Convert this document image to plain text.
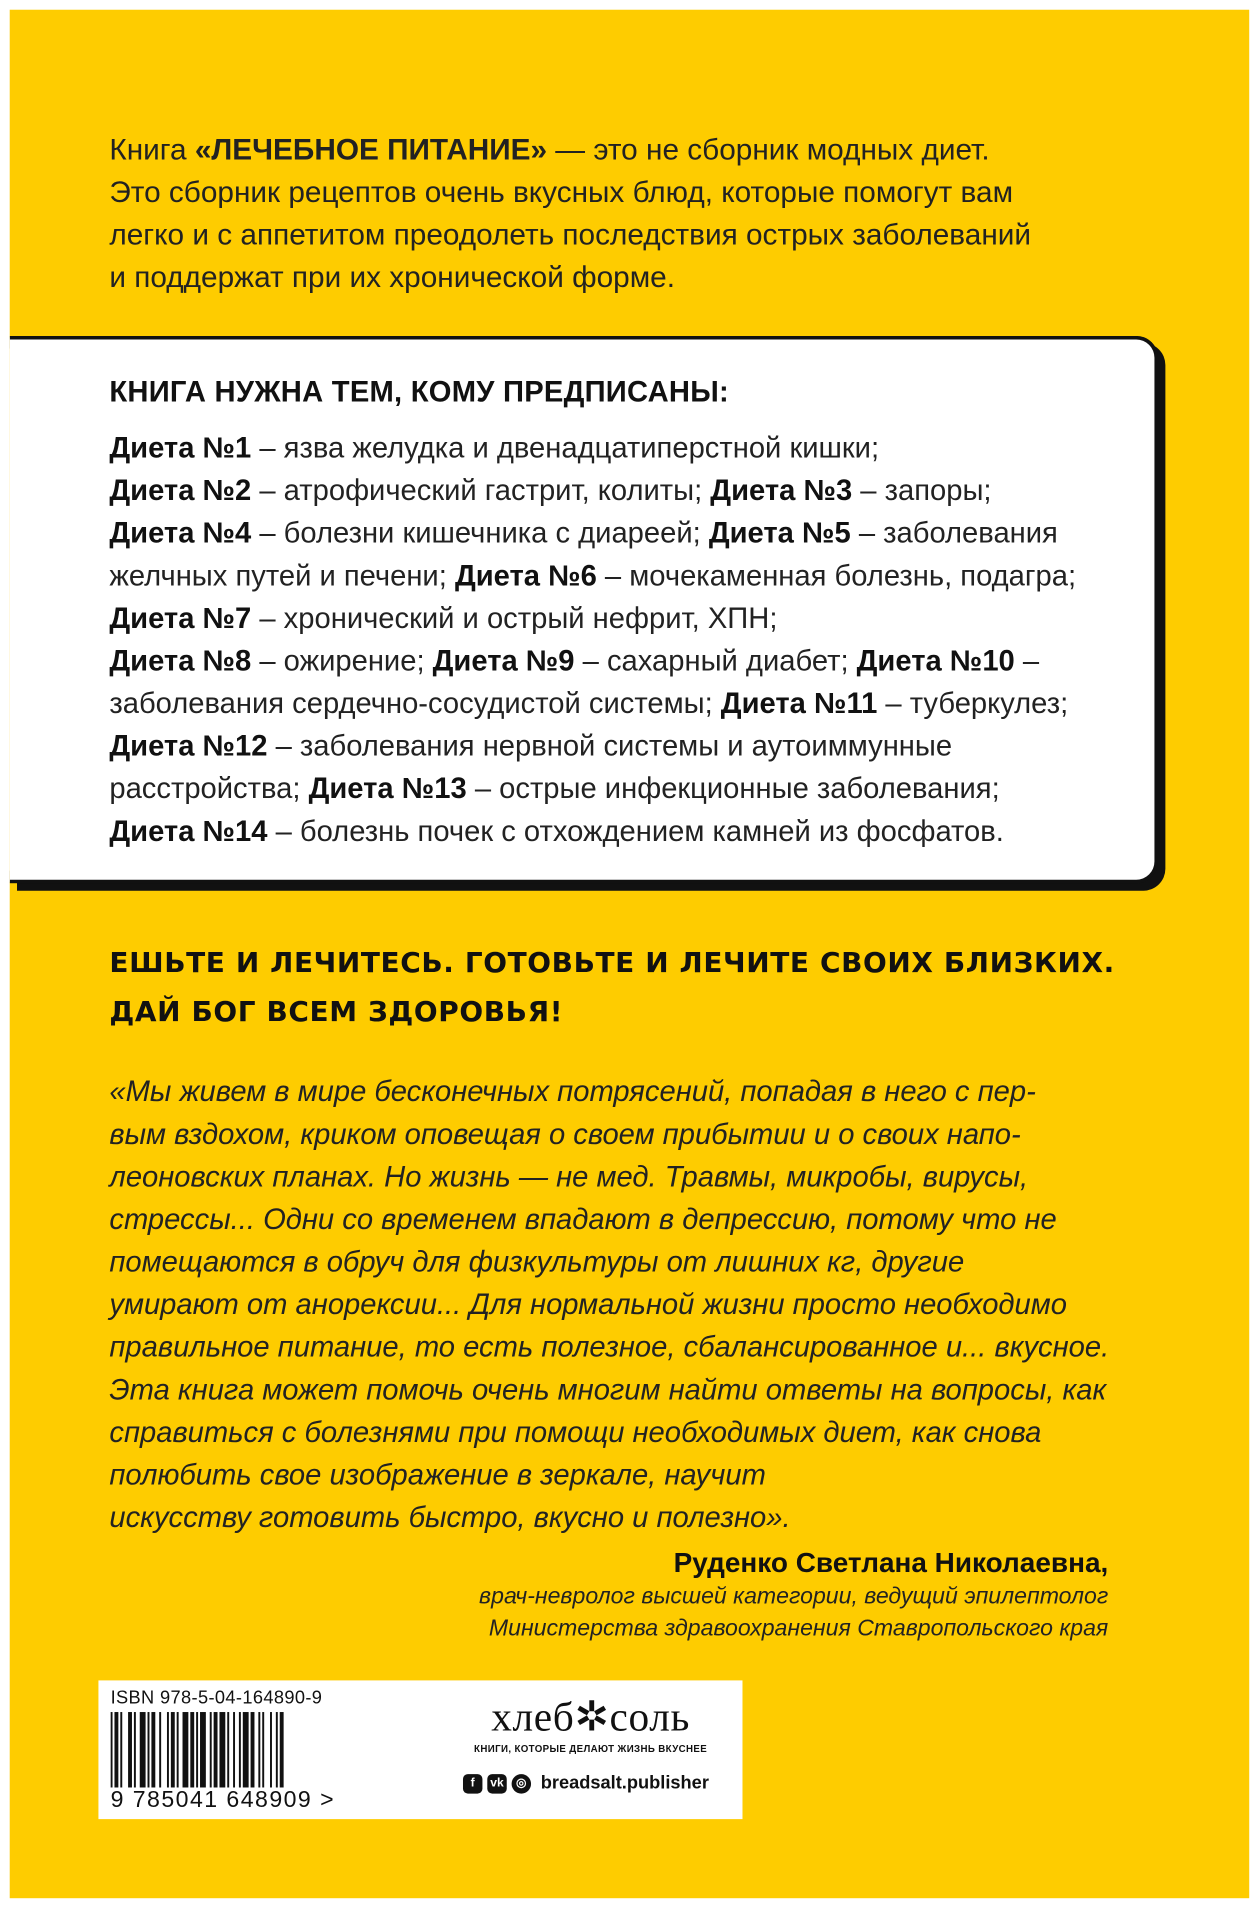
Книга «ЛЕЧЕБНОЕ ПИТАНИЕ» — это не сборник модных диет.
Это сборник рецептов очень вкусных блюд, которые помогут вам
легко и с аппетитом преодолеть последствия острых заболеваний
и поддержат при их хронической форме.
КНИГА НУЖНА ТЕМ, КОМУ ПРЕДПИСАНЫ:
Диета №1 – язва желудка и двенадцатиперстной кишки;
Диета №2 – атрофический гастрит, колиты; Диета №3 – запоры;
Диета №4 – болезни кишечника с диареей; Диета №5 – заболевания желчных путей и печени; Диета №6 – мочекаменная болезнь, подагра; Диета №7 – хронический и острый нефрит, ХПН;
Диета №8 – ожирение; Диета №9 – сахарный диабет; Диета №10 – заболевания сердечно-сосудистой системы; Диета №11 – туберкулез;
Диета №12 – заболевания нервной системы и аутоиммунные расстройства; Диета №13 – острые инфекционные заболевания;
Диета №14 – болезнь почек с отхождением камней из фосфатов.
ЕШЬТЕ И ЛЕЧИТЕСЬ. ГОТОВЬТЕ И ЛЕЧИТЕ СВОИХ БЛИЗКИХ.
ДАЙ БОГ ВСЕМ ЗДОРОВЬЯ!
«Мы живем в мире бесконечных потрясений, попадая в него с пер-
вым вздохом, криком оповещая о своем прибытии и о своих напо-
леоновских планах. Но жизнь — не мед. Травмы, микробы, вирусы,
стрессы... Одни со временем впадают в депрессию, потому что не
помещаются в обруч для физкультуры от лишних кг, другие
умирают от анорексии... Для нормальной жизни просто необходимо
правильное питание, то есть полезное, сбалансированное и... вкусное.
Эта книга может помочь очень многим найти ответы на вопросы, как
справиться с болезнями при помощи необходимых диет, как снова
полюбить свое изображение в зеркале, научит
искусству готовить быстро, вкусно и полезно».
Руденко Светлана Николаевна,
врач-невролог высшей категории, ведущий эпилептолог
Министерства здравоохранения Ставропольского края
ISBN 978-5-04-164890-9
9 785041 648909 >
хлеб✲соль
КНИГИ, КОТОРЫЕ ДЕЛАЮТ ЖИЗНЬ ВКУСНЕЕ
f	vk	◎ breadsalt.publisher
